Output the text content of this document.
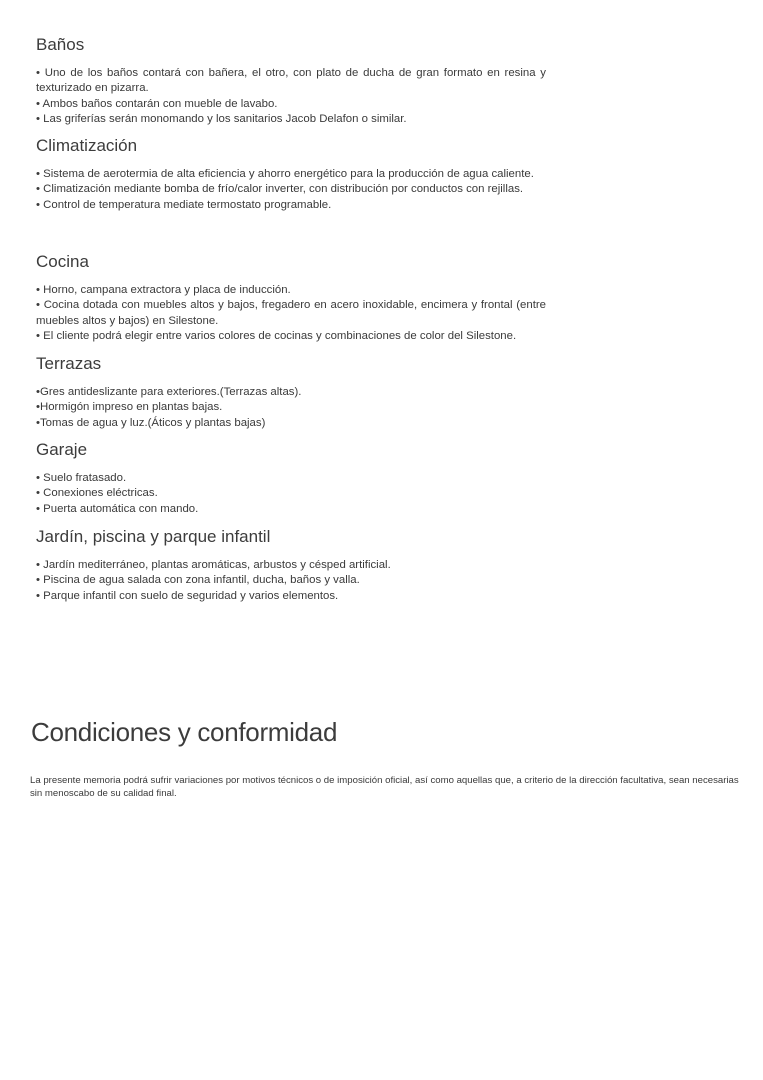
Baños
• Uno de los baños contará con bañera, el otro, con plato de ducha de gran formato en resina y texturizado en pizarra.
• Ambos baños contarán con mueble de lavabo.
• Las griferías serán monomando y los sanitarios Jacob Delafon o similar.
Climatización
• Sistema de aerotermia de alta eficiencia y ahorro energético para la producción de agua caliente.
• Climatización mediante bomba de frío/calor inverter, con distribución por conductos con rejillas.
• Control de temperatura mediate termostato programable.
Cocina
• Horno, campana extractora y placa de inducción.
• Cocina dotada con muebles altos y bajos, fregadero en acero inoxidable, encimera y frontal (entre muebles altos y bajos) en Silestone.
• El cliente podrá elegir entre varios colores de cocinas y combinaciones de color del Silestone.
Terrazas
•Gres antideslizante para exteriores.(Terrazas altas).
•Hormigón impreso en plantas bajas.
•Tomas de agua y luz.(Áticos y plantas bajas)
Garaje
• Suelo fratasado.
• Conexiones eléctricas.
• Puerta automática con mando.
Jardín, piscina y parque infantil
• Jardín mediterráneo, plantas aromáticas, arbustos y césped artificial.
• Piscina de agua salada con zona infantil, ducha, baños y valla.
• Parque infantil con suelo de seguridad y varios elementos.
Condiciones y conformidad

La presente memoria podrá sufrir variaciones por motivos técnicos o de imposición oficial, así como aquellas que, a criterio de la dirección facultativa, sean necesarias sin menoscabo de su calidad final.
